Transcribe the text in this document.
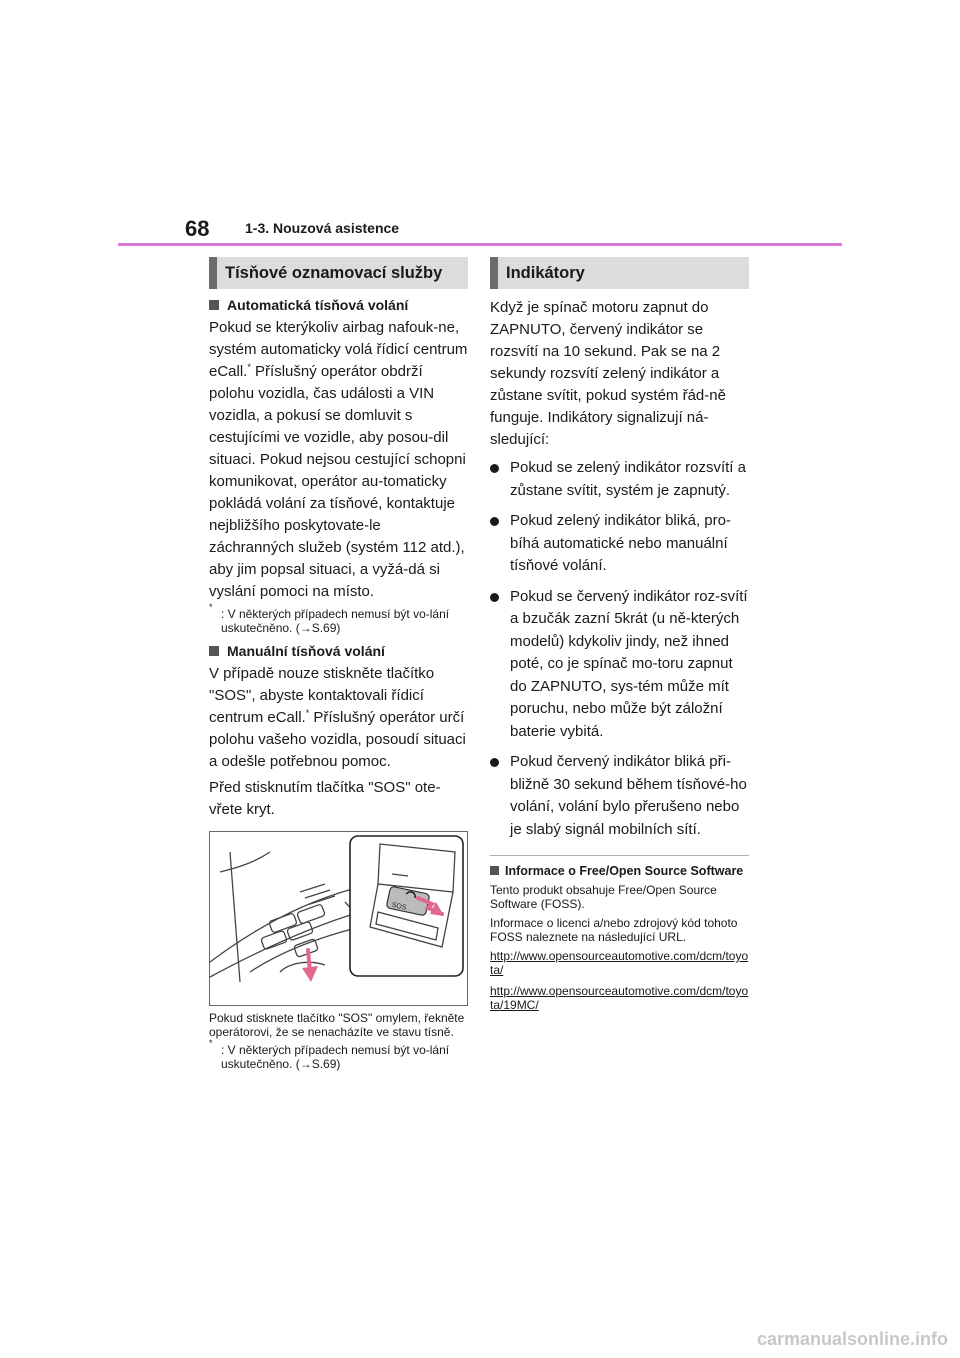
68	1-3. Nouzová asistence
Tísňové oznamovací služby
Automatická tísňová volání

Pokud se kterýkoliv airbag nafouk-ne, systém automaticky volá řídicí centrum eCall.* Příslušný operátor obdrží polohu vozidla, čas události a VIN vozidla, a pokusí se domluvit s cestujícími ve vozidle, aby posou-dil situaci. Pokud nejsou cestující schopni komunikovat, operátor au-tomaticky pokládá volání za tísňové, kontaktuje nejbližšího poskytovate-le záchranných služeb (systém 112 atd.), aby jim popsal situaci, a vyžá-dá si vyslání pomoci na místo.

* : V některých případech nemusí být vo-lání uskutečněno. (→S.69)
Manuální tísňová volání

V případě nouze stiskněte tlačítko "SOS", abyste kontaktovali řídicí centrum eCall.* Příslušný operátor určí polohu vašeho vozidla, posoudí situaci a odešle potřebnou pomoc.

Před stisknutím tlačítka "SOS" ote-vřete kryt.

SOS

Pokud stisknete tlačítko "SOS" omylem, řekněte operátorovi, že se nenacházíte ve stavu tísně.

* : V některých případech nemusí být vo-lání uskutečněno. (→S.69)
Indikátory

Když je spínač motoru zapnut do ZAPNUTO, červený indikátor se rozsvítí na 10 sekund. Pak se na 2 sekundy rozsvítí zelený indikátor a zůstane svítit, pokud systém řád-ně funguje. Indikátory signalizují ná-sledující:

Pokud se zelený indikátor rozsvítí a zůstane svítit, systém je zapnutý.
Pokud zelený indikátor bliká, pro-bíhá automatické nebo manuální tísňové volání.
Pokud se červený indikátor roz-svítí a bzučák zazní 5krát (u ně-kterých modelů) kdykoliv jindy, než ihned poté, co je spínač mo-toru zapnut do ZAPNUTO, sys-tém může mít poruchu, nebo může být záložní baterie vybitá.
Pokud červený indikátor bliká při-bližně 30 sekund během tísňové-ho volání, volání bylo přerušeno nebo je slabý signál mobilních sítí.
Informace o Free/Open Source Software

Tento produkt obsahuje Free/Open Source Software (FOSS).

Informace o licenci a/nebo zdrojový kód tohoto FOSS naleznete na následující URL.

http://www.opensourceautomotive.com/dcm/toyota/

http://www.opensourceautomotive.com/dcm/toyota/19MC/

carmanualsonline.info
